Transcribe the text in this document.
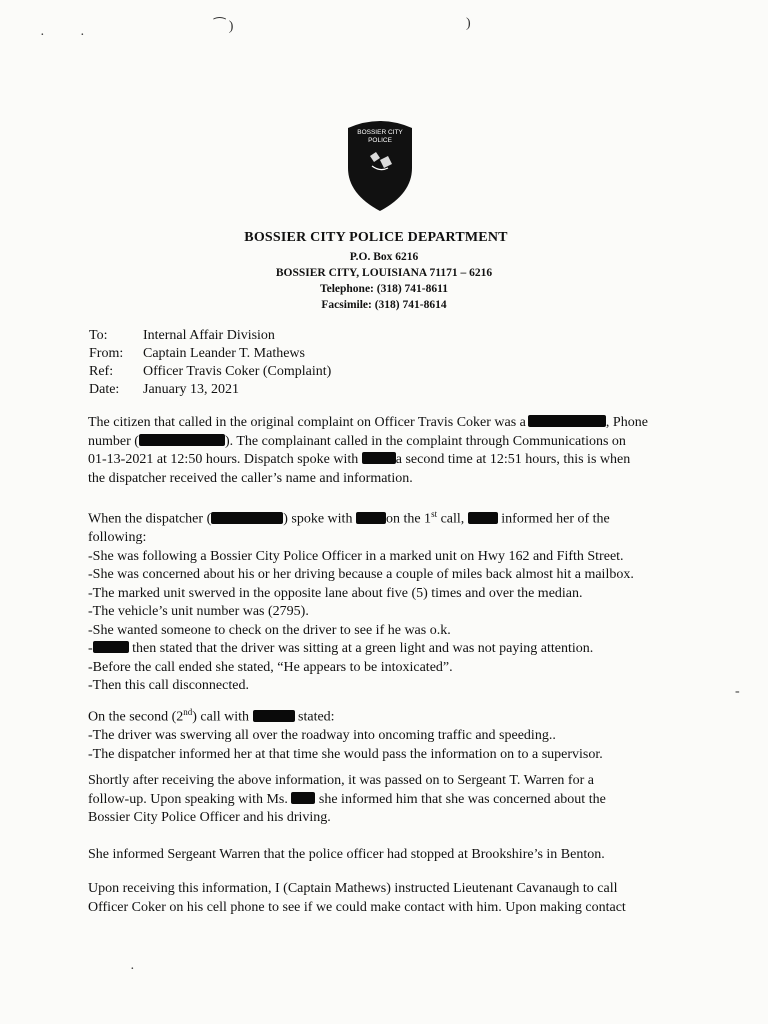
·	·
⁀ )	)
BOSSIER CITY
POLICE
BOSSIER CITY POLICE DEPARTMENT
P.O. Box 6216
BOSSIER CITY, LOUISIANA 71171 – 6216
Telephone: (318) 741-8611
Facsimile: (318) 741-8614
To:	Internal Affair Division
From:	Captain Leander T. Mathews
Ref:	Officer Travis Coker (Complaint)
Date:	January 13, 2021
The citizen that called in the original complaint on Officer Travis Coker was a	, Phone
number (	). The complainant called in the complaint through Communications on
01-13-2021 at 12:50 hours. Dispatch spoke with	a second time at 12:51 hours, this is when
the dispatcher received the caller’s name and information.
When the dispatcher (	) spoke with on the 1st call,	informed her of the
following:
-She was following a Bossier City Police Officer in a marked unit on Hwy 162 and Fifth Street.
-She was concerned about his or her driving because a couple of miles back almost hit a mailbox.
-The marked unit swerved in the opposite lane about five (5) times and over the median.
-The vehicle’s unit number was (2795).
-She wanted someone to check on the driver to see if he was o.k.
-	then stated that the driver was sitting at a green light and was not paying attention.
-Before the call ended she stated, “He appears to be intoxicated”.
-Then this call disconnected.
On the second (2nd) call with	stated:
-The driver was swerving all over the roadway into oncoming traffic and speeding..
-The dispatcher informed her at that time she would pass the information on to a supervisor.
Shortly after receiving the above information, it was passed on to Sergeant T. Warren for a
follow-up. Upon speaking with Ms. she informed him that she was concerned about the
Bossier City Police Officer and his driving.
She informed Sergeant Warren that the police officer had stopped at Brookshire’s in Benton.
Upon receiving this information, I (Captain Mathews) instructed Lieutenant Cavanaugh to call
Officer Coker on his cell phone to see if we could make contact with him. Upon making contact
·
-
